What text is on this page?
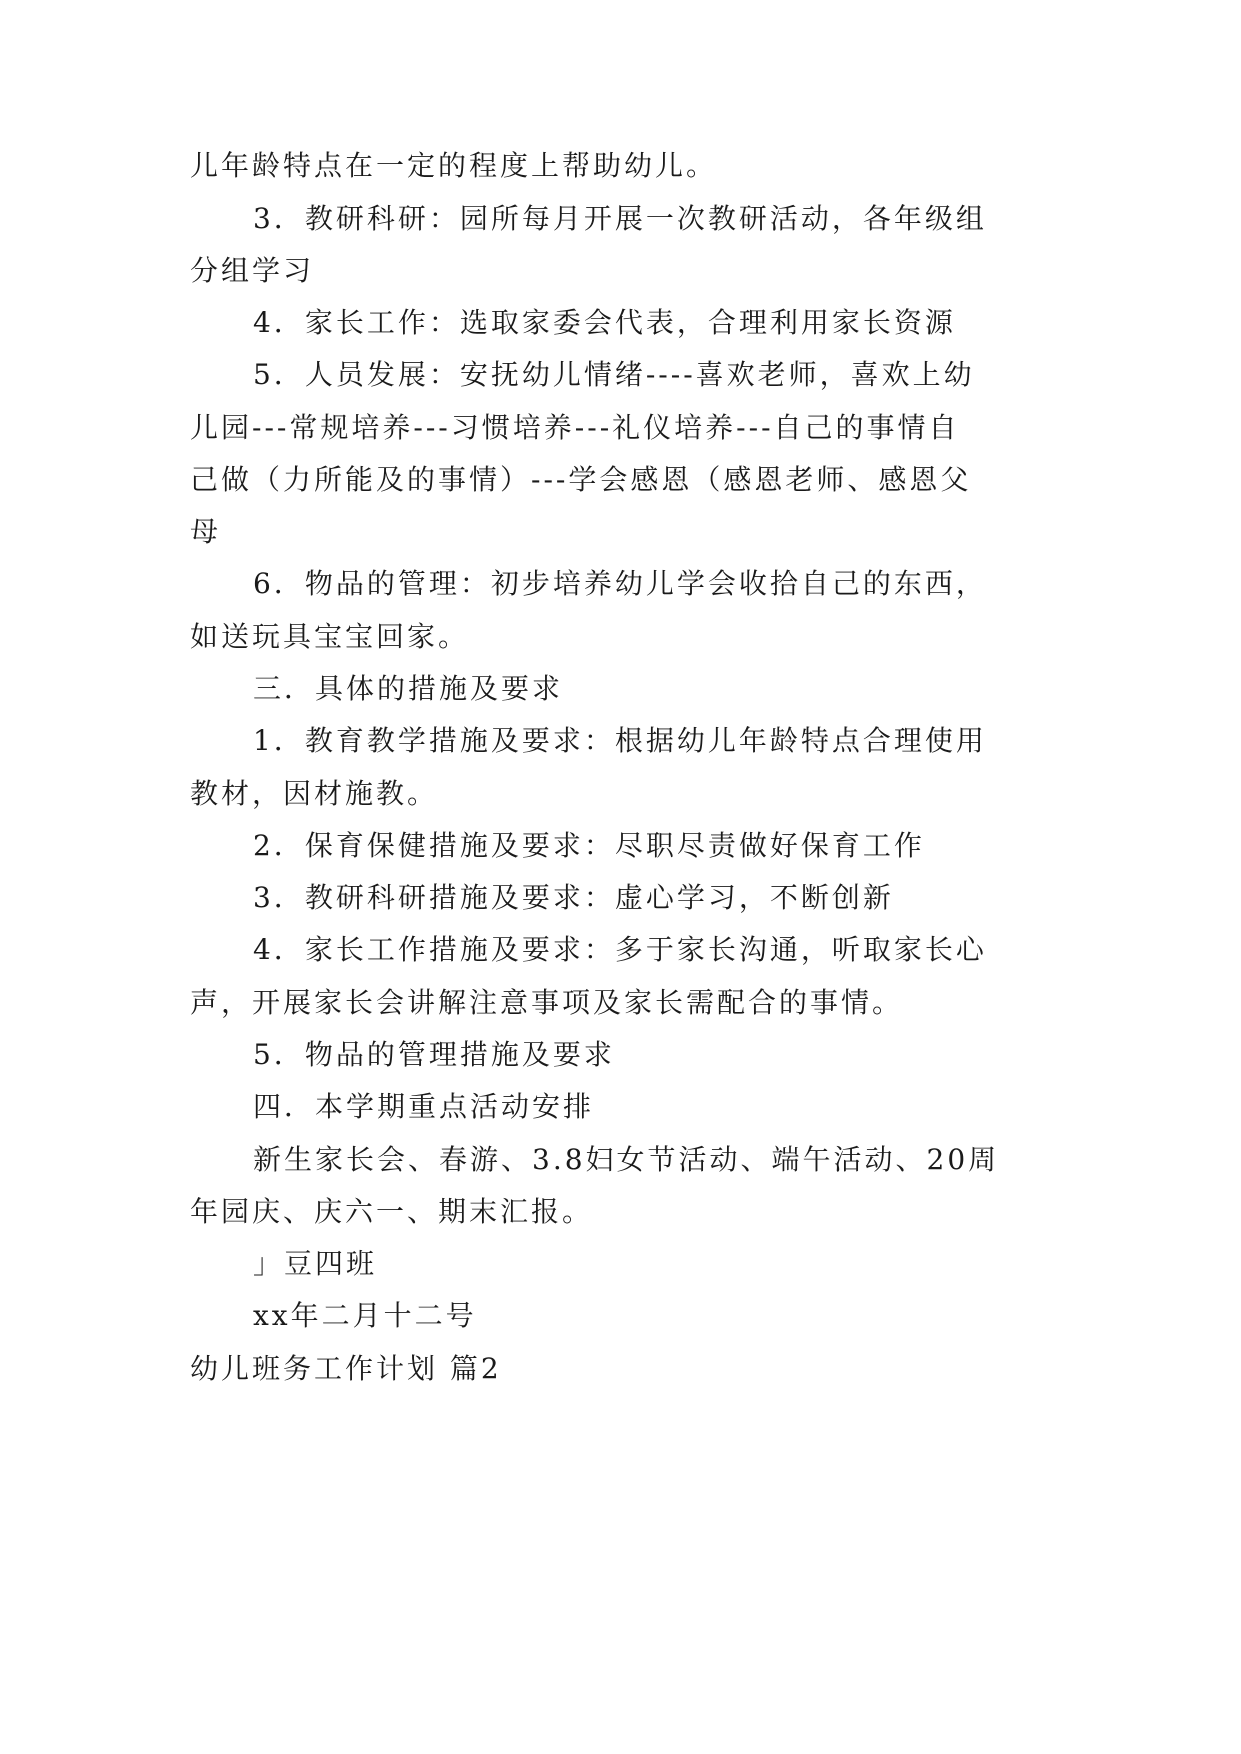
儿年龄特点在一定的程度上帮助幼儿。
3．教研科研：园所每月开展一次教研活动，各年级组
分组学习
4．家长工作：选取家委会代表，合理利用家长资源
5．人员发展：安抚幼儿情绪----喜欢老师，喜欢上幼
儿园---常规培养---习惯培养---礼仪培养---自己的事情自
己做（力所能及的事情）---学会感恩（感恩老师、感恩父
母
6．物品的管理：初步培养幼儿学会收拾自己的东西，
如送玩具宝宝回家。
三．具体的措施及要求
1．教育教学措施及要求：根据幼儿年龄特点合理使用
教材，因材施教。
2．保育保健措施及要求：尽职尽责做好保育工作
3．教研科研措施及要求：虚心学习，不断创新
4．家长工作措施及要求：多于家长沟通，听取家长心
声，开展家长会讲解注意事项及家长需配合的事情。
5．物品的管理措施及要求
四．本学期重点活动安排
新生家长会、春游、3.8妇女节活动、端午活动、20周
年园庆、庆六一、期末汇报。
」豆四班
xx年二月十二号
幼儿班务工作计划 篇2
